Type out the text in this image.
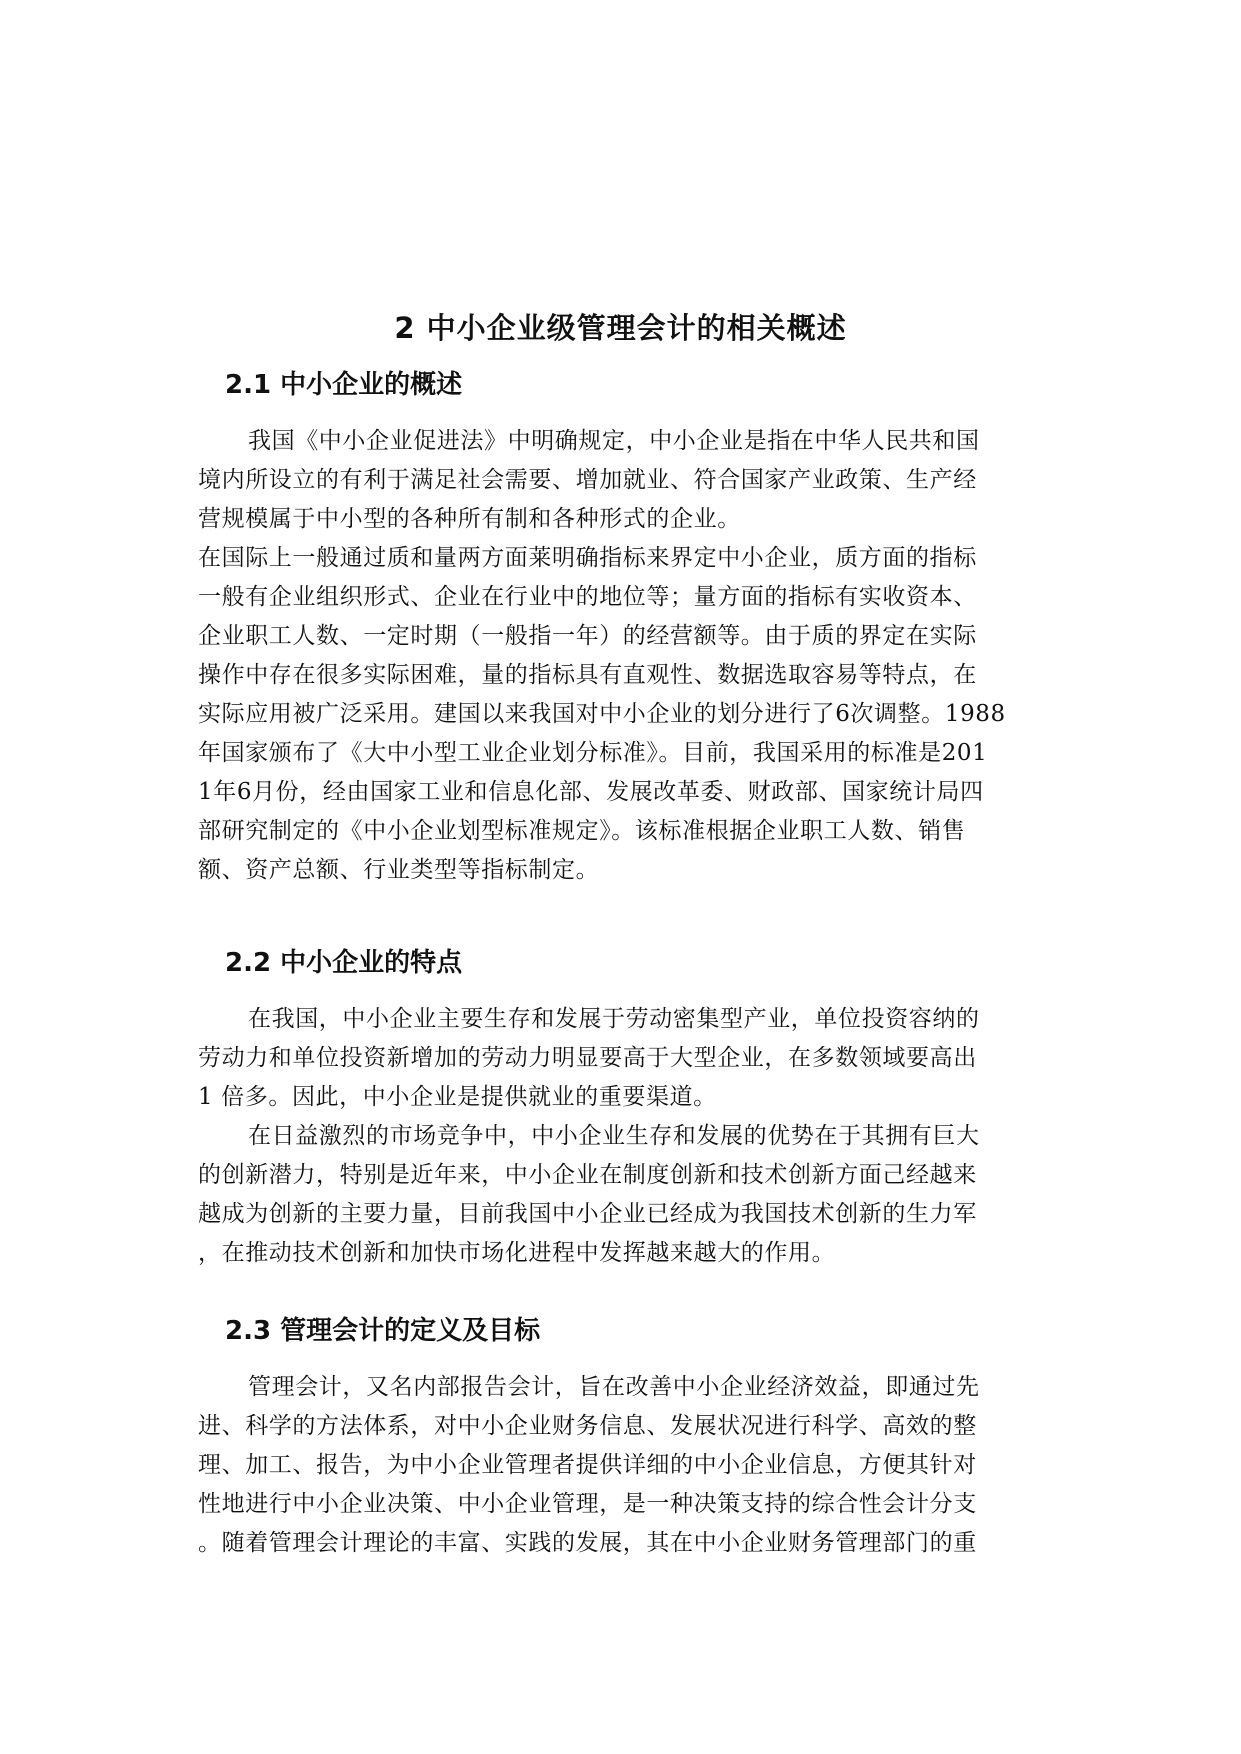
2 中小企业级管理会计的相关概述
2.1 中小企业的概述
我国《中小企业促进法》中明确规定，中小企业是指在中华人民共和国
境内所设立的有利于满足社会需要、增加就业、符合国家产业政策、生产经
营规模属于中小型的各种所有制和各种形式的企业。
在国际上一般通过质和量两方面莱明确指标来界定中小企业，质方面的指标
一般有企业组织形式、企业在行业中的地位等；量方面的指标有实收资本、
企业职工人数、一定时期（一般指一年）的经营额等。由于质的界定在实际
操作中存在很多实际困难，量的指标具有直观性、数据选取容易等特点，在
实际应用被广泛采用。建国以来我国对中小企业的划分进行了6次调整。1988
年国家颁布了《大中小型工业企业划分标准》。目前，我国采用的标准是201
1年6月份，经由国家工业和信息化部、发展改革委、财政部、国家统计局四
部研究制定的《中小企业划型标准规定》。该标准根据企业职工人数、销售
额、资产总额、行业类型等指标制定。
2.2 中小企业的特点
在我国，中小企业主要生存和发展于劳动密集型产业，单位投资容纳的
劳动力和单位投资新增加的劳动力明显要高于大型企业，在多数领域要高出
1 倍多。因此，中小企业是提供就业的重要渠道。
在日益激烈的市场竞争中，中小企业生存和发展的优势在于其拥有巨大
的创新潜力，特别是近年来，中小企业在制度创新和技术创新方面己经越来
越成为创新的主要力量，目前我国中小企业已经成为我国技术创新的生力军
，在推动技术创新和加快市场化进程中发挥越来越大的作用。
2.3 管理会计的定义及目标
管理会计，又名内部报告会计，旨在改善中小企业经济效益，即通过先
进、科学的方法体系，对中小企业财务信息、发展状况进行科学、高效的整
理、加工、报告，为中小企业管理者提供详细的中小企业信息，方便其针对
性地进行中小企业决策、中小企业管理，是一种决策支持的综合性会计分支
。随着管理会计理论的丰富、实践的发展，其在中小企业财务管理部门的重
